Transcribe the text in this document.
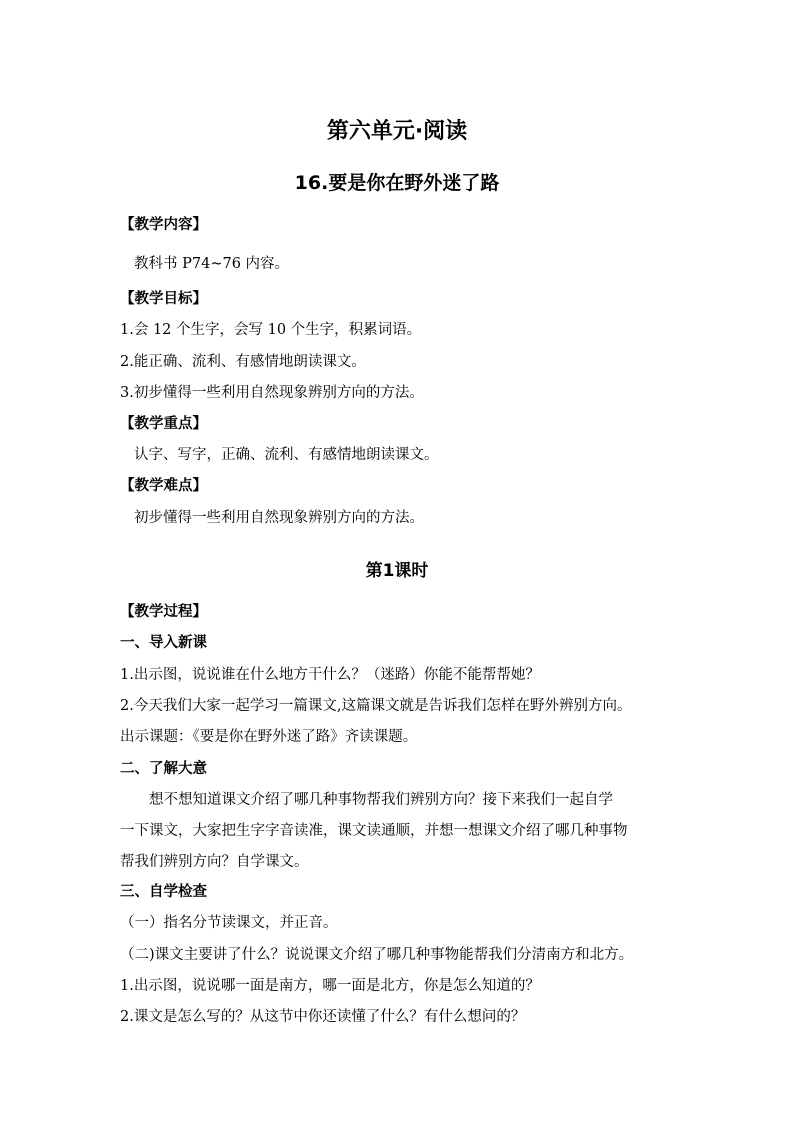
第六单元·阅读
16.要是你在野外迷了路
【教学内容】
教科书 P74~76 内容。
【教学目标】
1.会 12 个生字，会写 10 个生字，积累词语。
2.能正确、流利、有感情地朗读课文。
3.初步懂得一些利用自然现象辨别方向的方法。
【教学重点】
认字、写字，正确、流利、有感情地朗读课文。
【教学难点】
初步懂得一些利用自然现象辨别方向的方法。
第1课时
【教学过程】
一、导入新课
1.出示图，说说谁在什么地方干什么？（迷路）你能不能帮帮她？
2.今天我们大家一起学习一篇课文,这篇课文就是告诉我们怎样在野外辨别方向。
出示课题：《要是你在野外迷了路》齐读课题。
二、了解大意
想不想知道课文介绍了哪几种事物帮我们辨别方向？接下来我们一起自学
一下课文，大家把生字字音读准，课文读通顺，并想一想课文介绍了哪几种事物
帮我们辨别方向？自学课文。
三、自学检查
（一）指名分节读课文，并正音。
（二)课文主要讲了什么？说说课文介绍了哪几种事物能帮我们分清南方和北方。
1.出示图，说说哪一面是南方，哪一面是北方，你是怎么知道的？
2.课文是怎么写的？从这节中你还读懂了什么？有什么想问的？
